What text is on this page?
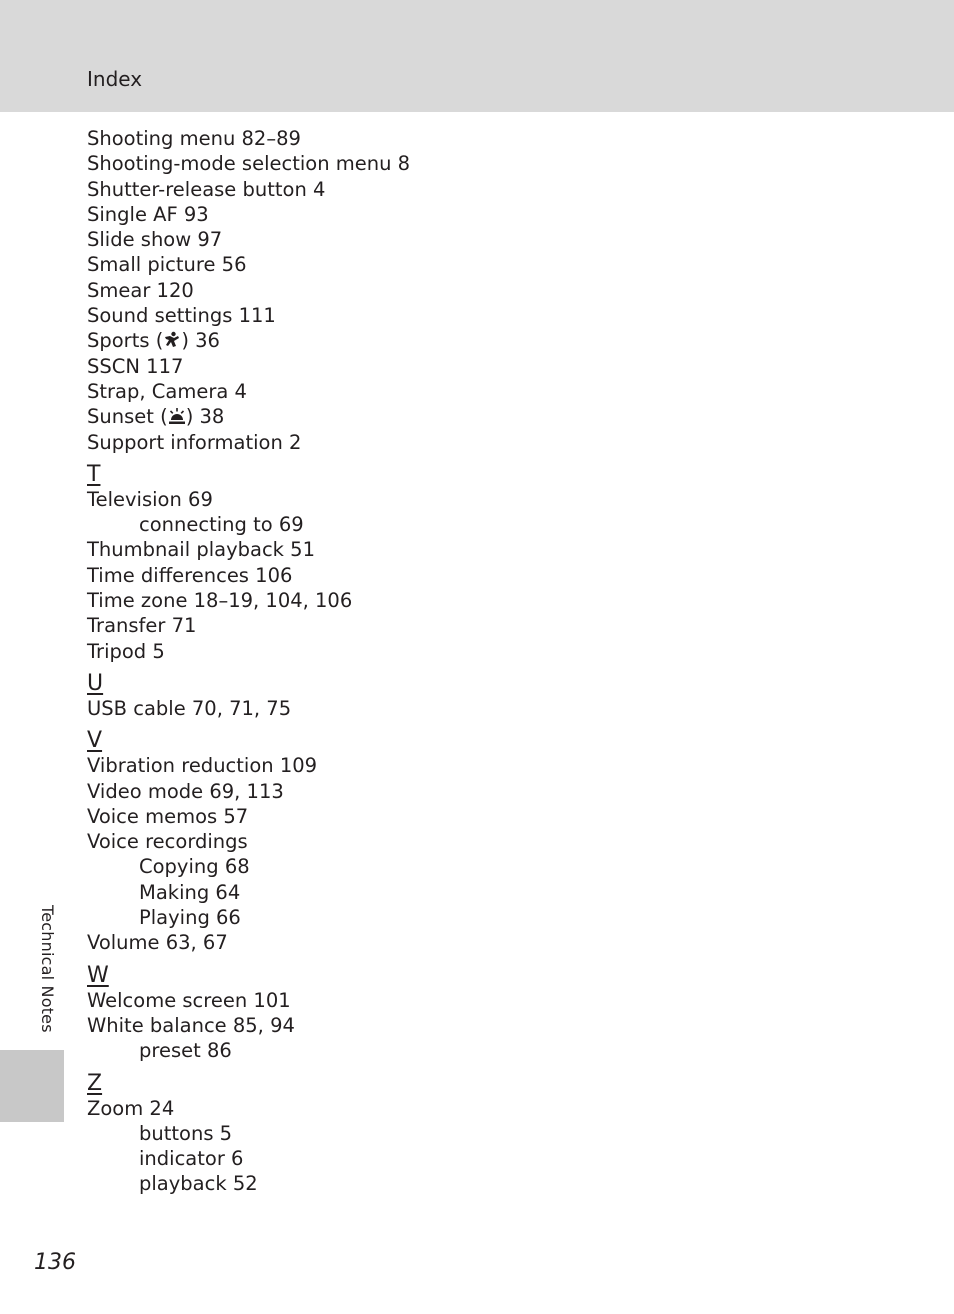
Index
Shooting menu 82–89
Shooting-mode selection menu 8
Shutter-release button 4
Single AF 93
Slide show 97
Small picture 56
Smear 120
Sound settings 111
Sports ( ) 36
SSCN 117
Strap, Camera 4
Sunset ( ) 38
Support information 2
T
Television 69
connecting to 69
Thumbnail playback 51
Time differences 106
Time zone 18–19, 104, 106
Transfer 71
Tripod 5
U
USB cable 70, 71, 75
V
Vibration reduction 109
Video mode 69, 113
Voice memos 57
Voice recordings
Copying 68
Making 64
Playing 66
Volume 63, 67
W
Welcome screen 101
White balance 85, 94
preset 86
Z
Zoom 24
buttons 5
indicator 6
playback 52
Technical Notes
136
